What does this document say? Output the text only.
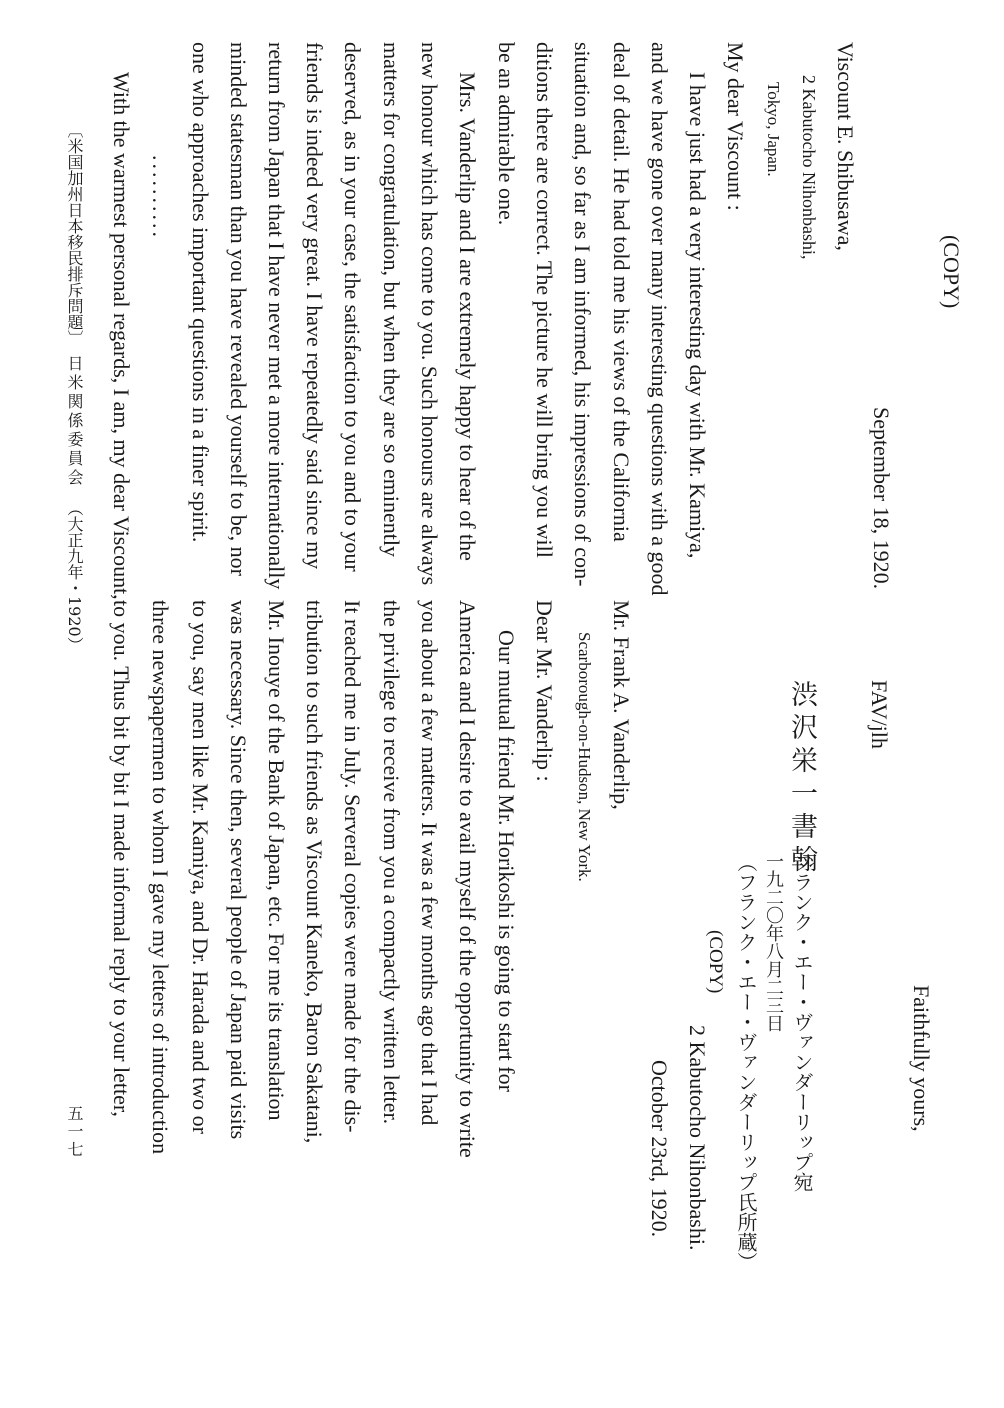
(COPY)
September 18, 1920.
Viscount E. Shibusawa,
2 Kabutocho Nihonbashi,
Tokyo, Japan.
My dear Viscount :
I have just had a very interesting day with Mr. Kamiya,
and we have gone over many interesting questions with a good
deal of detail. He had told me his views of the California
situation and, so far as I am informed, his impressions of con-
ditions there are correct. The picture he will bring you will
be an admirable one.
Mrs. Vanderlip and I are extremely happy to hear of the
new honour which has come to you. Such honours are always
matters for congratulation, but when they are so eminently
deserved, as in your case, the satisfaction to you and to your
friends is indeed very great. I have repeatedly said since my
return from Japan that I have never met a more internationally
minded statesman than you have revealed yourself to be, nor
one who approaches important questions in a finer spirit.
..........
With the warmest personal regards, I am, my dear Viscount,
Faithfully yours,
FAV/jlh
2 Kabutocho Nihonbashi.
October 23rd, 1920.
Mr. Frank A. Vanderlip,
Scarborough-on-Hudson, New York.
Dear Mr. Vanderlip :
Our mutual friend Mr. Horikoshi is going to start for
America and I desire to avail myself of the opportunity to write
you about a few matters. It was a few months ago that I had
the privilege to receive from you a compactly written letter.
It reached me in July. Serveral copies were made for the dis-
tribution to such friends as Viscount Kaneko, Baron Sakatani,
Mr. Inouye of the Bank of Japan, etc. For me its translation
was necessary. Since then, several people of Japan paid visits
to you, say men like Mr. Kamiya, and Dr. Harada and two or
three newspapermen to whom I gave my letters of introduction
to you. Thus bit by bit I made informal reply to your letter,	渋沢栄一書翰
フランク・エー・ヴァンダーリップ宛
一九二〇年八月二三日
（フランク・エー・ヴァンダーリップ氏所蔵）
(COPY)
〔米国加州日本移民排斥問題〕
日米関係委員会
（大正九年・1920）
五一七
